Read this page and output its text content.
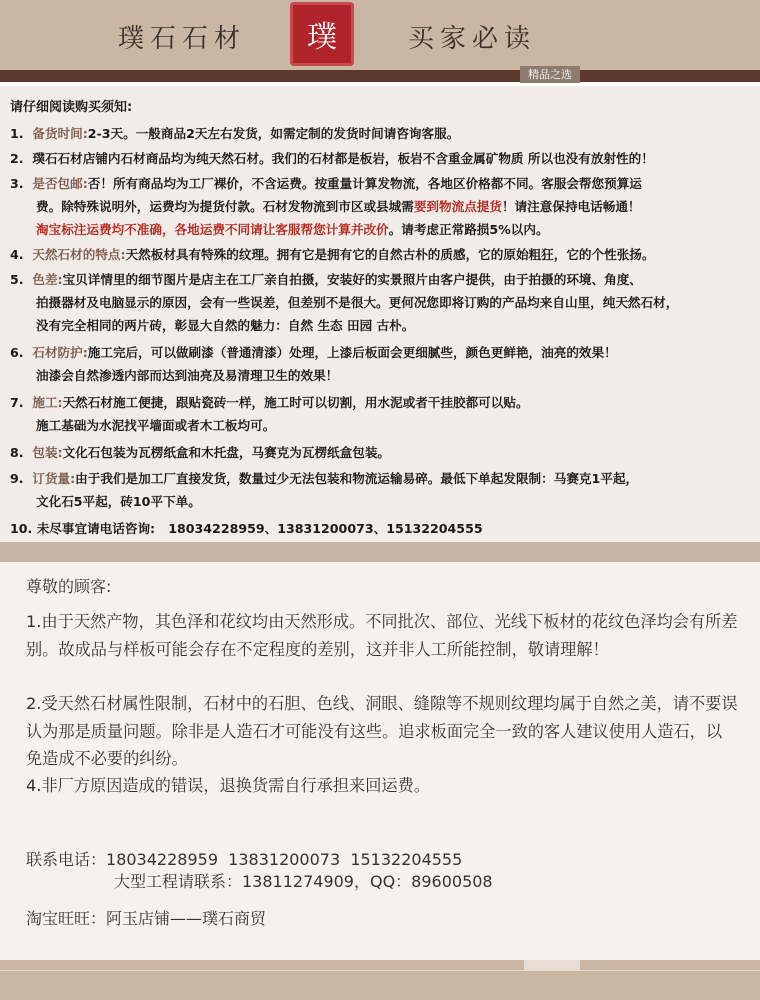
璞石石材	璞	买家必读
精品之选
请仔细阅读购买须知:
1. 备货时间:2-3天。一般商品2天左右发货，如需定制的发货时间请咨询客服。
2. 璞石石材店铺内石材商品均为纯天然石材。我们的石材都是板岩，板岩不含重金属矿物质 所以也没有放射性的！
3. 是否包邮:否！所有商品均为工厂裸价，不含运费。按重量计算发物流，各地区价格都不同。客服会帮您预算运
费。除特殊说明外，运费均为提货付款。石材发物流到市区或县城需要到物流点提货！请注意保持电话畅通！
淘宝标注运费均不准确，各地运费不同请让客服帮您计算并改价。请考虑正常路损5%以内。
4. 天然石材的特点:天然板材具有特殊的纹理。拥有它是拥有它的自然古朴的质感，它的原始粗狂，它的个性张扬。
5. 色差:宝贝详情里的细节图片是店主在工厂亲自拍摄，安装好的实景照片由客户提供，由于拍摄的环境、角度、
拍摄器材及电脑显示的原因，会有一些误差，但差别不是很大。更何况您即将订购的产品均来自山里，纯天然石材，
没有完全相同的两片砖，彰显大自然的魅力：自然 生态 田园 古朴。
6. 石材防护:施工完后，可以做刷漆（普通清漆）处理，上漆后板面会更细腻些，颜色更鲜艳，油亮的效果！
油漆会自然渗透内部而达到油亮及易清理卫生的效果！
7. 施工:天然石材施工便捷，跟贴瓷砖一样，施工时可以切割，用水泥或者干挂胶都可以贴。
施工基础为水泥找平墙面或者木工板均可。
8. 包装:文化石包装为瓦楞纸盒和木托盘，马赛克为瓦楞纸盒包装。
9. 订货量:由于我们是加工厂直接发货，数量过少无法包装和物流运输易碎。最低下单起发限制：马赛克1平起，
文化石5平起，砖10平下单。
10. 未尽事宜请电话咨询:   18034228959、13831200073、15132204555
尊敬的顾客:
1.由于天然产物，其色泽和花纹均由天然形成。不同批次、部位、光线下板材的花纹色泽均会有所差别。故成品与样板可能会存在不定程度的差别，这并非人工所能控制，敬请理解！
2.受天然石材属性限制，石材中的石胆、色线、洞眼、缝隙等不规则纹理均属于自然之美，请不要误认为那是质量问题。除非是人造石才可能没有这些。追求板面完全一致的客人建议使用人造石，以免造成不必要的纠纷。
4.非厂方原因造成的错误，退换货需自行承担来回运费。
联系电话：18034228959  13831200073  15132204555
大型工程请联系：13811274909，QQ：89600508
淘宝旺旺：阿玉店铺——璞石商贸
